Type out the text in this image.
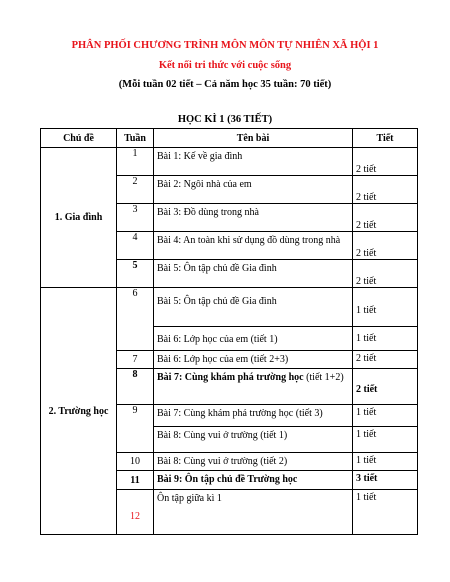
PHÂN PHỐI CHƯƠNG TRÌNH MÔN MÔN TỰ NHIÊN XÃ HỘI 1
Kết nối tri thức với cuộc sống
(Mỗi tuần 02 tiết – Cả năm học 35 tuần: 70 tiết)
HỌC KÌ 1 (36 TIẾT)
Chủ đề	Tuần	Tên bài	Tiết
1. Gia đình	1	Bài 1: Kế về gia đình	2 tiết
	2	Bài 2: Ngôi nhà của em	2 tiết
	3	Bài 3: Đồ dùng trong nhà	2 tiết
	4	Bài 4: An toàn khi sử dụng đồ dùng trong nhà	2 tiết
	5	Bài 5: Ôn tập chủ đề Gia đình	2 tiết
2. Trường học	6	Bài 5: Ôn tập chủ đề Gia đình	1 tiết
		Bài 6: Lớp học của em (tiết 1)	1 tiết
	7	Bài 6: Lớp học của em (tiết 2+3)	2 tiết
	8	Bài 7: Cùng khám phá trường học (tiết 1+2)	2 tiết
	9	Bài 7: Cùng khám phá trường học (tiết 3)	1 tiết
		Bài 8: Cùng vui ở trường (tiết 1)	1 tiết
	10	Bài 8: Cùng vui ở trường (tiết 2)	1 tiết
	11	Bài 9: Ôn tập chủ đề Trường học	3 tiết
	12	Ôn tập giữa kì 1	1 tiết
